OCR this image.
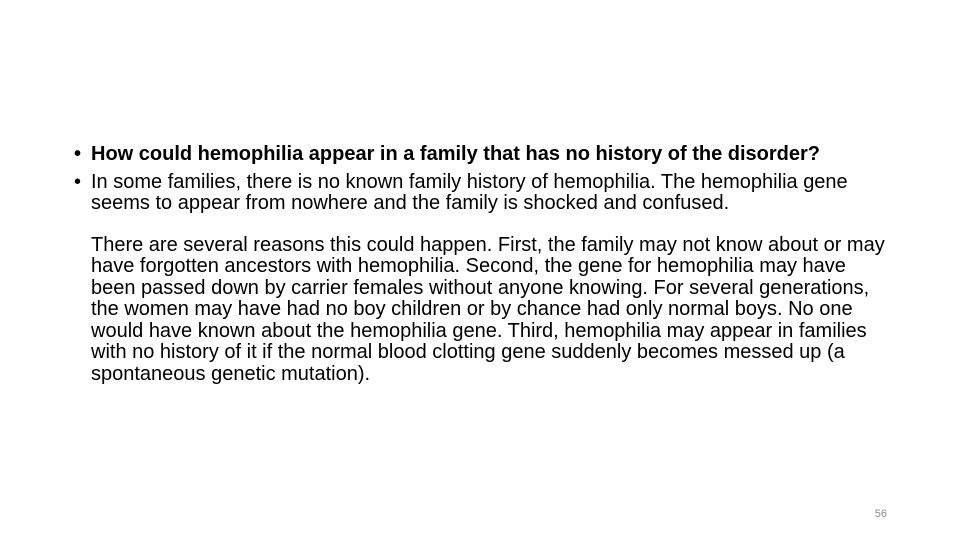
• How could hemophilia appear in a family that has no history of the disorder?
• In some families, there is no known family history of hemophilia. The hemophilia gene seems to appear from nowhere and the family is shocked and confused.

There are several reasons this could happen. First, the family may not know about or may have forgotten ancestors with hemophilia. Second, the gene for hemophilia may have been passed down by carrier females without anyone knowing. For several generations, the women may have had no boy children or by chance had only normal boys. No one would have known about the hemophilia gene. Third, hemophilia may appear in families with no history of it if the normal blood clotting gene suddenly becomes messed up (a spontaneous genetic mutation).

56
